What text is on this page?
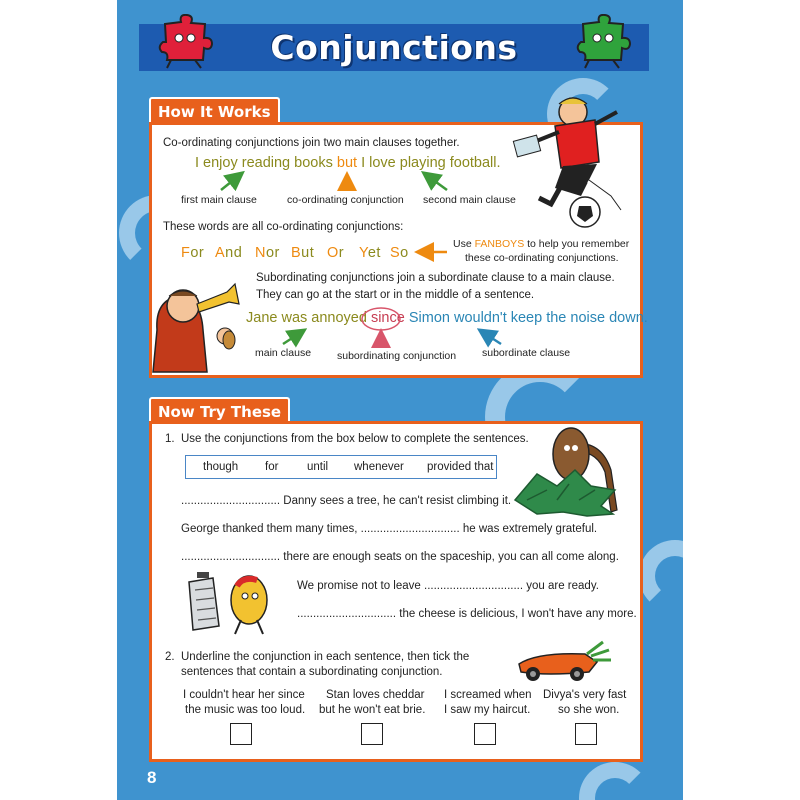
Conjunctions
How It Works
Co-ordinating conjunctions join two main clauses together.
I enjoy reading books but I love playing football.
first main clause	co-ordinating conjunction second main clause
These words are all co-ordinating conjunctions:
For And Nor But Or Yet So
Use FANBOYS to help you remember
these co-ordinating conjunctions.
Subordinating conjunctions join a subordinate clause to a main clause.
They can go at the start or in the middle of a sentence.
Jane was annoyed since Simon wouldn't keep the noise down.
main clause subordinating conjunction subordinate clause
Now Try These
1. Use the conjunctions from the box below to complete the sentences.
though for until whenever provided that
............................... Danny sees a tree, he can't resist climbing it.
George thanked them many times, ............................... he was extremely grateful.
............................... there are enough seats on the spaceship, you can all come along.
We promise not to leave ............................... you are ready.
............................... the cheese is delicious, I won't have any more.
2. Underline the conjunction in each sentence, then tick the
sentences that contain a subordinating conjunction.
I couldn't hear her since
the music was too loud.
Stan loves cheddar
but he won't eat brie.
I screamed when
I saw my haircut.
Divya's very fast
so she won.
8
